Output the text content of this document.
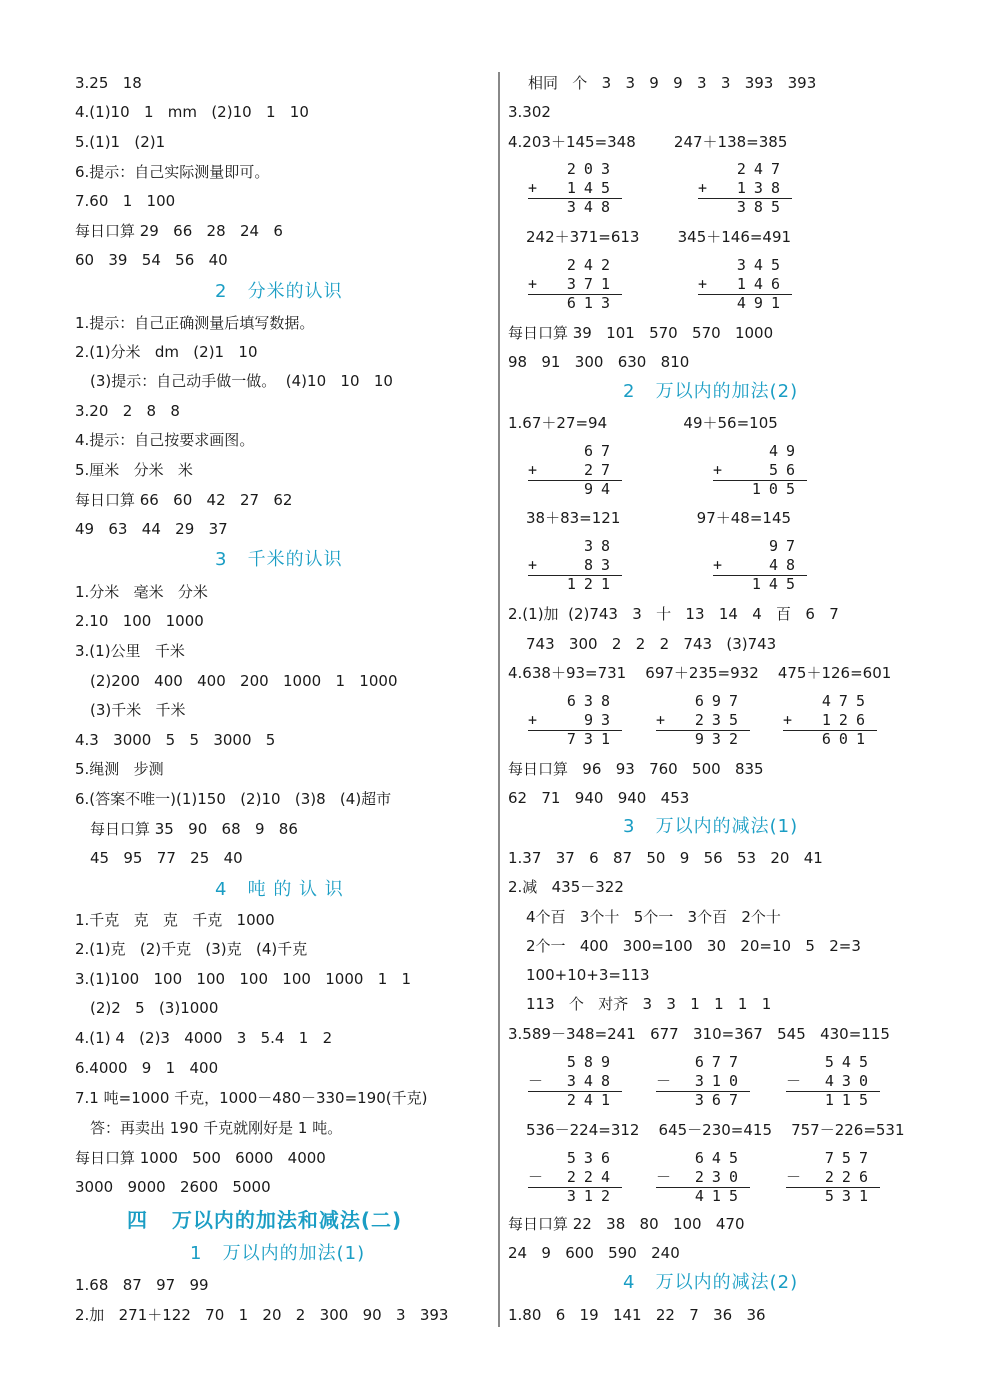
3.25   18
4.(1)10   1   mm   (2)10   1   10
5.(1)1   (2)1
6.提示：自己实际测量即可。
7.60   1   100
每日口算 29   66   28   24   6
60   39   54   56   40
2   分米的认识
1.提示：自己正确测量后填写数据。
2.(1)分米   dm   (2)1   10
(3)提示：自己动手做一做。  (4)10   10   10
3.20   2   8   8
4.提示：自己按要求画图。
5.厘米   分米   米
每日口算 66   60   42   27   62
49   63   44   29   37
3   千米的认识
1.分米   毫米   分米
2.10   100   1000
3.(1)公里   千米
(2)200   400   400   200   1000   1   1000
(3)千米   千米
4.3   3000   5   5   3000   5
5.绳测   步测
6.(答案不唯一)(1)150   (2)10   (3)8   (4)超市
每日口算 35   90   68   9   86
45   95   77   25   40
4   吨 的 认 识
1.千克   克   克   千克   1000
2.(1)克   (2)千克   (3)克   (4)千克
3.(1)100   100   100   100   100   1000   1   1
(2)2   5   (3)1000
4.(1) 4   (2)3   4000   3   5.4   1   2
6.4000   9   1   400
7.1 吨=1000 千克，1000－480－330=190(千克)
答：再卖出 190 千克就刚好是 1 吨。
每日口算 1000   500   6000   4000
3000   9000   2600   5000
四   万以内的加法和减法(二)
1   万以内的加法(1)
1.68   87   97   99
2.加   271＋122   70   1   20   2   300   90   3   393
相同   个   3   3   9   9   3   3   393   393
3.302
4.203＋145=348        247＋138=385
242＋371=613        345＋146=491
每日口算 39   101   570   570   1000
98   91   300   630   810
2   万以内的加法(2)
1.67＋27=94                49＋56=105
38＋83=121                97＋48=145
2.(1)加  (2)743   3   十   13   14   4   百   6   7
743   300   2   2   2   743   (3)743
4.638＋93=731    697＋235=932    475＋126=601
每日口算   96   93   760   500   835
62   71   940   940   453
3   万以内的减法(1)
1.37   37   6   87   50   9   56   53   20   41
2.减   435－322
4个百   3个十   5个一   3个百   2个十
2个一   400   300=100   30   20=10   5   2=3
100+10+3=113
113   个   对齐   3   3   1   1   1   1
3.589－348=241   677   310=367   545   430=115
536－224=312    645－230=415    757－226=531
每日口算 22   38   80   100   470
24   9   600   590   240
4   万以内的减法(2)
1.80   6   19   141   22   7   36   36
203
+ 145
348
247
+ 138
385
242
+ 371
613
345
+ 146
491
67
+	27
94
49
+	56
105
38
+	83
121
97
+	48
145
638
+	93
731
697
+ 235
932
475
+ 126
601
589
－ 348
241
677
－ 310
367
545
－ 430
115
536
－ 224
312
645
－ 230
415
757
－ 226
531
